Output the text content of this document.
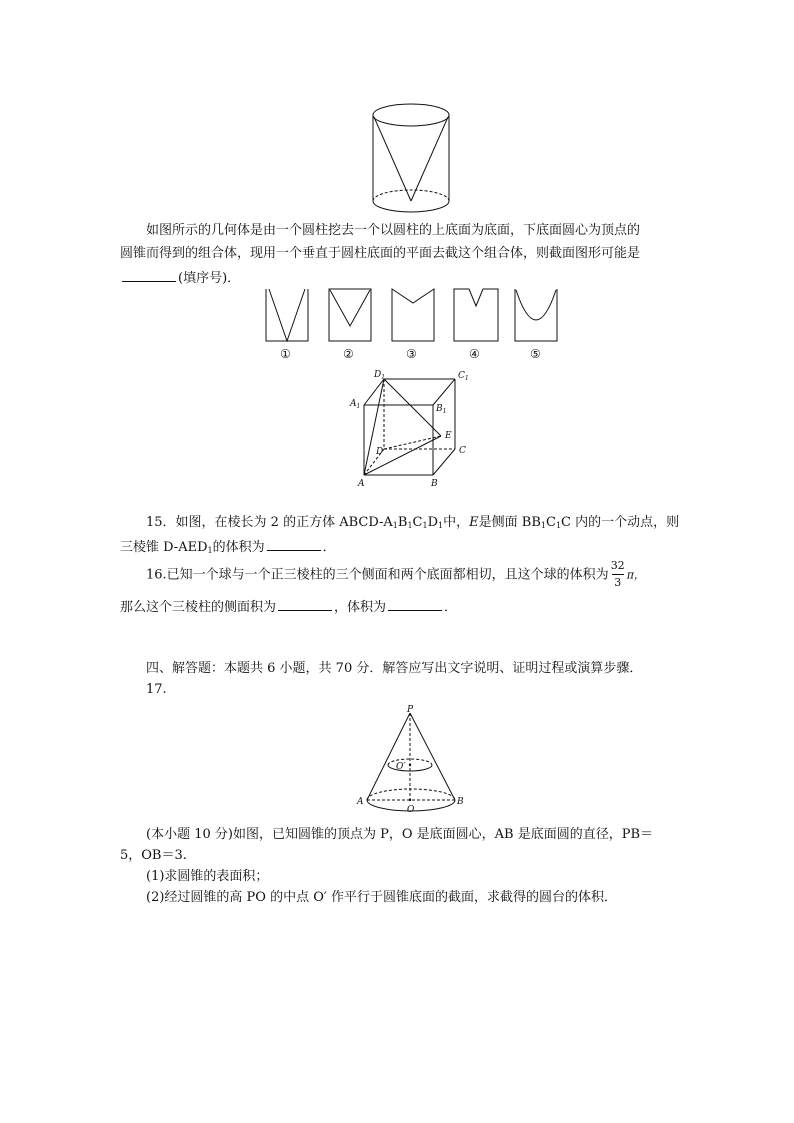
如图所示的几何体是由一个圆柱挖去一个以圆柱的上底面为底面，下底面圆心为顶点的
圆锥而得到的组合体，现用一个垂直于圆柱底面的平面去截这个组合体，则截面图形可能是
(填序号)．
①	②	③	④	⑤
$D_1$	$C_1$
$A_1$	$B_1$
E
D	C
A	B
15．如图，在棱长为 2 的正方体 ABCD-$A_1B_1C_1D_1$中，E是侧面 $BB_1C_1C$ 内的一个动点，则
三棱锥 $D-AED_1$的体积为	．
16.已知一个球与一个正三棱柱的三个侧面和两个底面都相切，且这个球的体积为 $\frac{32}{3}$ π，
那么这个三棱柱的侧面积为	，体积为	．
四、解答题：本题共 6 小题，共 70 分．解答应写出文字说明、证明过程或演算步骤．
17.
P
O′
A	B
O
(本小题 10 分)如图，已知圆锥的顶点为 P，O 是底面圆心，AB 是底面圆的直径，PB＝
5，OB＝3.
(1)求圆锥的表面积；
(2)经过圆锥的高 PO 的中点 O′ 作平行于圆锥底面的截面，求截得的圆台的体积．
